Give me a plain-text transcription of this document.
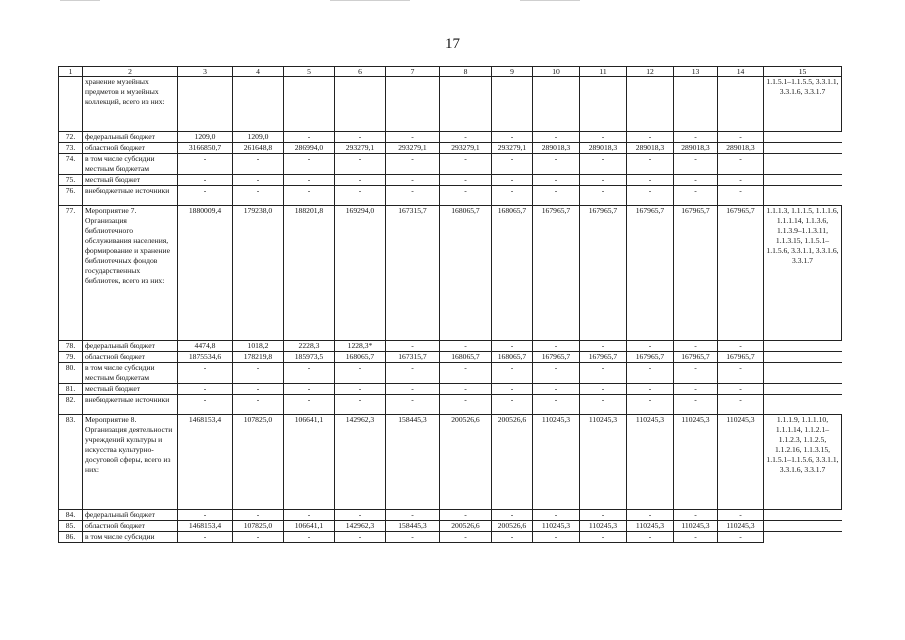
17
1	2	3	4	5	6	7	8	9	10	11	12	13	14	15
	хранение музейных предметов и музейных коллекций, всего из них:													1.1.5.1–1.1.5.5, 3.3.1.1, 3.3.1.6, 3.3.1.7
72.	федеральный бюджет	1209,0	1209,0	-	-	-	-	-	-	-	-	-	-	
73.	областной бюджет	3166850,7	261648,8	286994,0	293279,1	293279,1	293279,1	293279,1	289018,3	289018,3	289018,3	289018,3	289018,3	
74.	в том числе субсидии местным бюджетам	-	-	-	-	-	-	-	-	-	-	-	-	
75.	местный бюджет	-	-	-	-	-	-	-	-	-	-	-	-	
76.	внебюджетные источники	-	-	-	-	-	-	-	-	-	-	-	-	
77.	Мероприятие 7. Организация библиотечного обслуживания населения, формирование и хранение библиотечных фондов государственных библиотек, всего из них:	1880009,4	179238,0	188201,8	169294,0	167315,7	168065,7	168065,7	167965,7	167965,7	167965,7	167965,7	167965,7	1.1.1.3, 1.1.1.5, 1.1.1.6, 1.1.1.14, 1.1.3.6, 1.1.3.9–1.1.3.11, 1.1.3.15, 1.1.5.1–1.1.5.6, 3.3.1.1, 3.3.1.6, 3.3.1.7
78.	федеральный бюджет	4474,8	1018,2	2228,3	1228,3*	-	-	-	-	-	-	-	-	
79.	областной бюджет	1875534,6	178219,8	185973,5	168065,7	167315,7	168065,7	168065,7	167965,7	167965,7	167965,7	167965,7	167965,7	
80.	в том числе субсидии местным бюджетам	-	-	-	-	-	-	-	-	-	-	-	-	
81.	местный бюджет	-	-	-	-	-	-	-	-	-	-	-	-	
82.	внебюджетные источники	-	-	-	-	-	-	-	-	-	-	-	-	
83.	Мероприятие 8. Организация деятельности учреждений культуры и искусства культурно-досуговой сферы, всего из них:	1468153,4	107825,0	106641,1	142962,3	158445,3	200526,6	200526,6	110245,3	110245,3	110245,3	110245,3	110245,3	1.1.1.9, 1.1.1.10, 1.1.1.14, 1.1.2.1–1.1.2.3, 1.1.2.5, 1.1.2.16, 1.1.3.15, 1.1.5.1–1.1.5.6, 3.3.1.1, 3.3.1.6, 3.3.1.7
84.	федеральный бюджет	-	-	-	-	-	-	-	-	-	-	-	-	
85.	областной бюджет	1468153,4	107825,0	106641,1	142962,3	158445,3	200526,6	200526,6	110245,3	110245,3	110245,3	110245,3	110245,3	
86.	в том числе субсидии	-	-	-	-	-	-	-	-	-	-	-	-	
